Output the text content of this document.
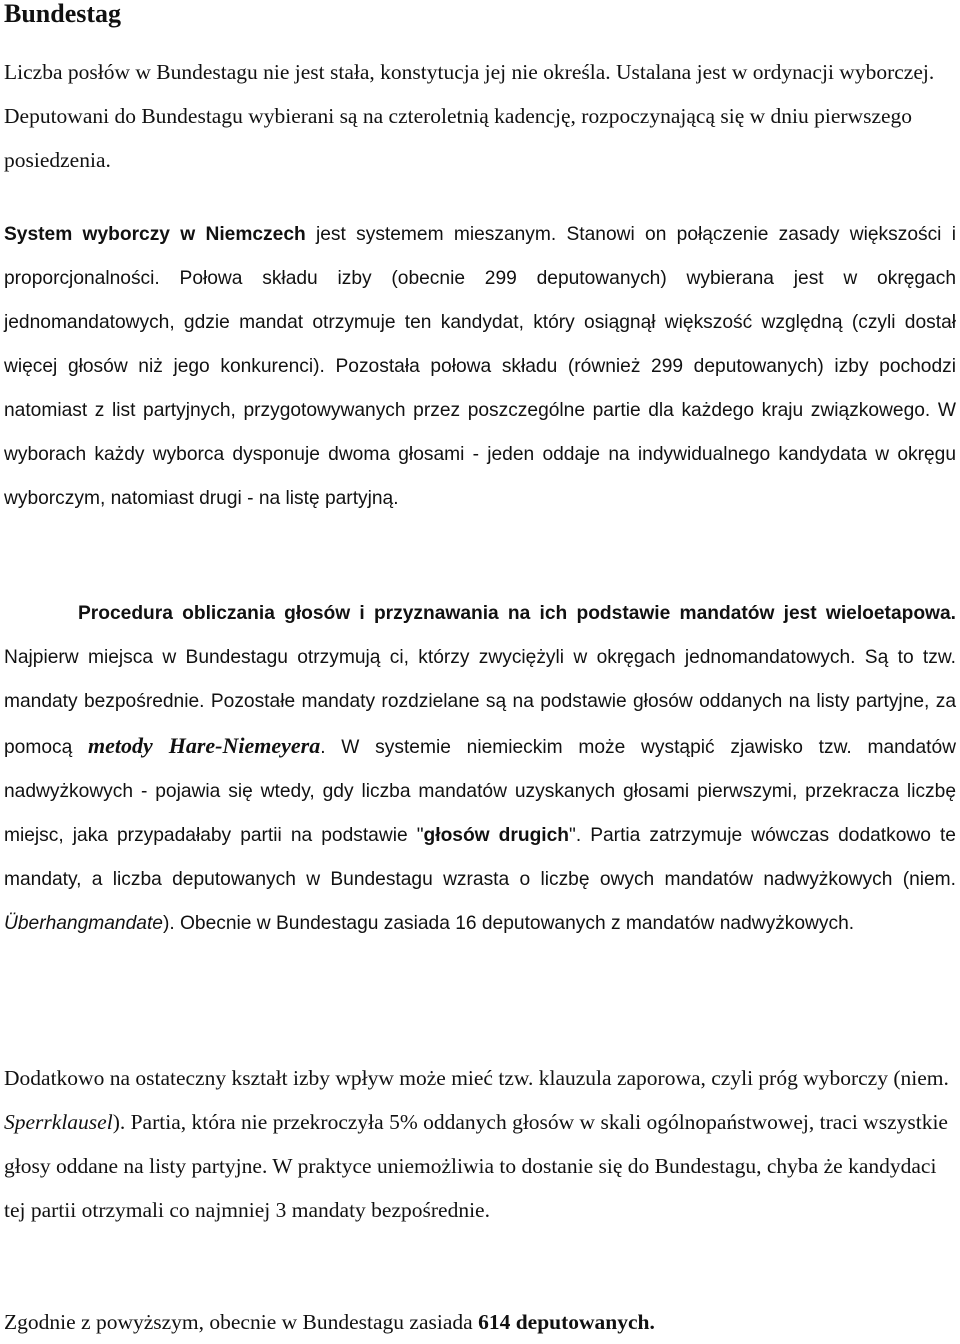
Bundestag

Liczba posłów w Bundestagu nie jest stała, konstytucja jej nie określa. Ustalana jest w ordynacji wyborczej. Deputowani do Bundestagu wybierani są na czteroletnią kadencję, rozpoczynającą się w dniu pierwszego posiedzenia.

System wyborczy w Niemczech jest systemem mieszanym. Stanowi on połączenie zasady większości i proporcjonalności. Połowa składu izby (obecnie 299 deputowanych) wybierana jest w okręgach jednomandatowych, gdzie mandat otrzymuje ten kandydat, który osiągnął większość względną (czyli dostał więcej głosów niż jego konkurenci). Pozostała połowa składu (również 299 deputowanych) izby pochodzi natomiast z list partyjnych, przygotowywanych przez poszczególne partie dla każdego kraju związkowego. W wyborach każdy wyborca dysponuje dwoma głosami - jeden oddaje na indywidualnego kandydata w okręgu wyborczym, natomiast drugi - na listę partyjną.

Procedura obliczania głosów i przyznawania na ich podstawie mandatów jest wieloetapowa. Najpierw miejsca w Bundestagu otrzymują ci, którzy zwyciężyli w okręgach jednomandatowych. Są to tzw. mandaty bezpośrednie. Pozostałe mandaty rozdzielane są na podstawie głosów oddanych na listy partyjne, za pomocą metody Hare-Niemeyera. W systemie niemieckim może wystąpić zjawisko tzw. mandatów nadwyżkowych - pojawia się wtedy, gdy liczba mandatów uzyskanych głosami pierwszymi, przekracza liczbę miejsc, jaka przypadałaby partii na podstawie "głosów drugich". Partia zatrzymuje wówczas dodatkowo te mandaty, a liczba deputowanych w Bundestagu wzrasta o liczbę owych mandatów nadwyżkowych (niem. Überhangmandate). Obecnie w Bundestagu zasiada 16 deputowanych z mandatów nadwyżkowych.

Dodatkowo na ostateczny kształt izby wpływ może mieć tzw. klauzula zaporowa, czyli próg wyborczy (niem. Sperrklausel). Partia, która nie przekroczyła 5% oddanych głosów w skali ogólnopaństwowej, traci wszystkie głosy oddane na listy partyjne. W praktyce uniemożliwia to dostanie się do Bundestagu, chyba że kandydaci tej partii otrzymali co najmniej 3 mandaty bezpośrednie.

Zgodnie z powyższym, obecnie w Bundestagu zasiada 614 deputowanych.
